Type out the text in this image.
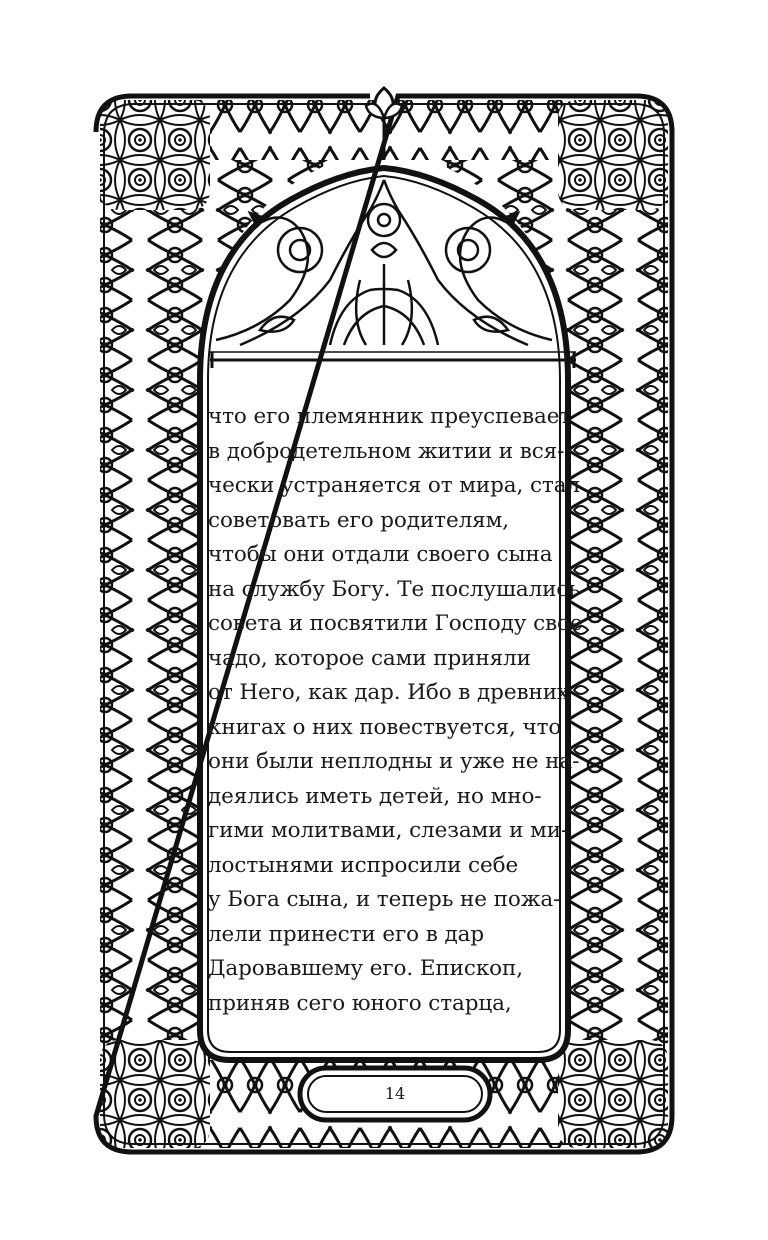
что его племянник преуспевает
в добродетельном житии и вся-
чески устраняется от мира, стал
советовать его родителям,
чтобы они отдали своего сына
на службу Богу. Те послушались
совета и посвятили Господу свое
чадо, которое сами приняли
от Него, как дар. Ибо в древних
книгах о них повествуется, что
они были неплодны и уже не на-
деялись иметь детей, но мно-
гими молитвами, слезами и ми-
лостынями испросили себе
у Бога сына, и теперь не пожа-
лели принести его в дар
Даровавшему его. Епископ,
приняв сего юного старца,
14
